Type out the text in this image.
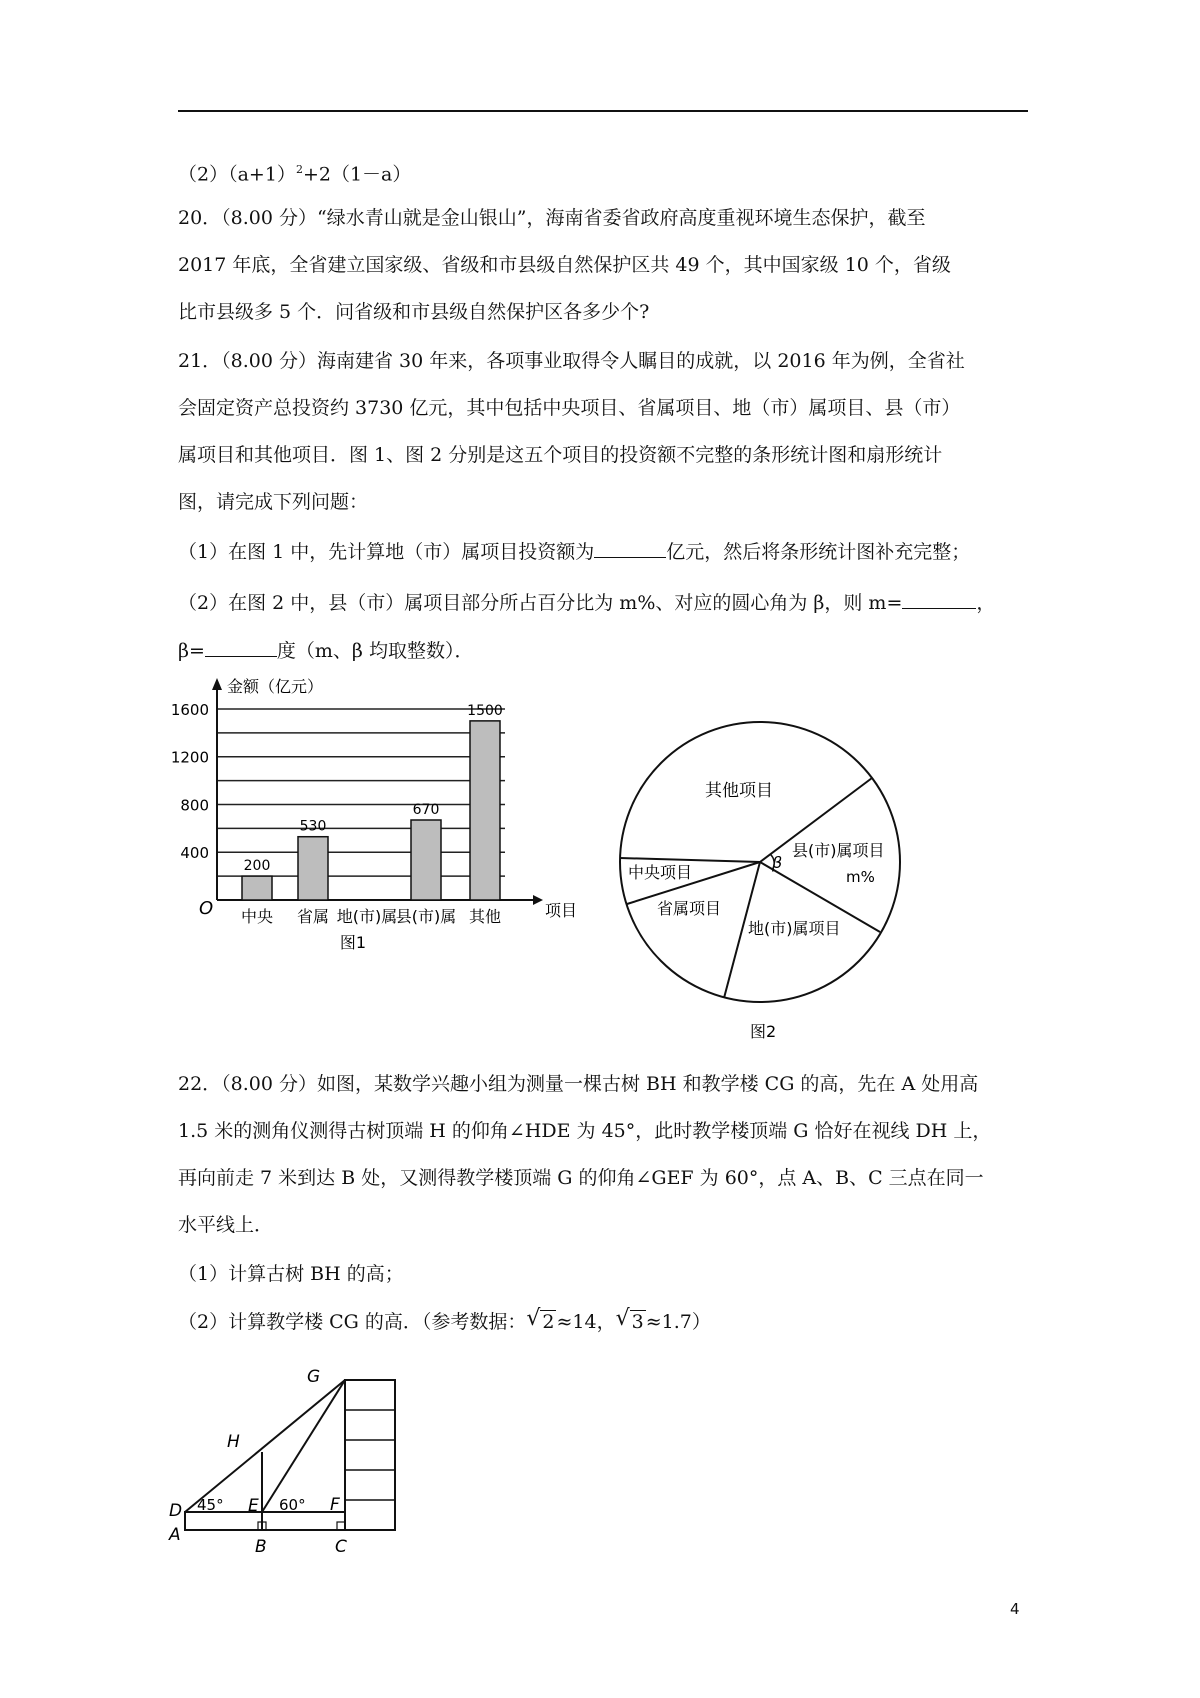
$(2)(a+1)^2+2(1-a)$
20．（8.00 分）“绿水青山就是金山银山”，海南省委省政府高度重视环境生态保护，截至
2017 年底，全省建立国家级、省级和市县级自然保护区共 49 个，其中国家级 10 个，省级
比市县级多 5 个．问省级和市县级自然保护区各多少个?
21．（8.00 分）海南建省 30 年来，各项事业取得令人瞩目的成就，以 2016 年为例，全省社
会固定资产总投资约 3730 亿元，其中包括中央项目、省属项目、地（市）属项目、县（市）
属项目和其他项目．图 1、图 2 分别是这五个项目的投资额不完整的条形统计图和扇形统计
图，请完成下列问题：
（1）在图 1 中，先计算地（市）属项目投资额为	亿元，然后将条形统计图补充完整；
（2）在图 2 中，县（市）属项目部分所占百分比为 m%、对应的圆心角为 β，则 m=	，
β=	度（m、β 均取整数）．
400
800
1200
1600
O
金额（亿元）
项目
中央
200
省属
530
地(市)属
县(市)属
670
其他
1500
图1
其他项目
县(市)属项目
地(市)属项目
省属项目
中央项目
β
m%
图2
22．（8.00 分）如图，某数学兴趣小组为测量一棵古树 BH 和教学楼 CG 的高，先在 A 处用高
1.5 米的测角仪测得古树顶端 H 的仰角∠HDE 为 45°，此时教学楼顶端 G 恰好在视线 DH 上，
再向前走 7 米到达 B 处，又测得教学楼顶端 G 的仰角∠GEF 为 60°，点 A、B、C 三点在同一
水平线上．
（1）计算古树 BH 的高；
（2）计算教学楼 CG 的高．（参考数据： √ 2 ≈14， √ 3 ≈1.7）
G
H
D	E	F
A
B	C
45°	60°
4
